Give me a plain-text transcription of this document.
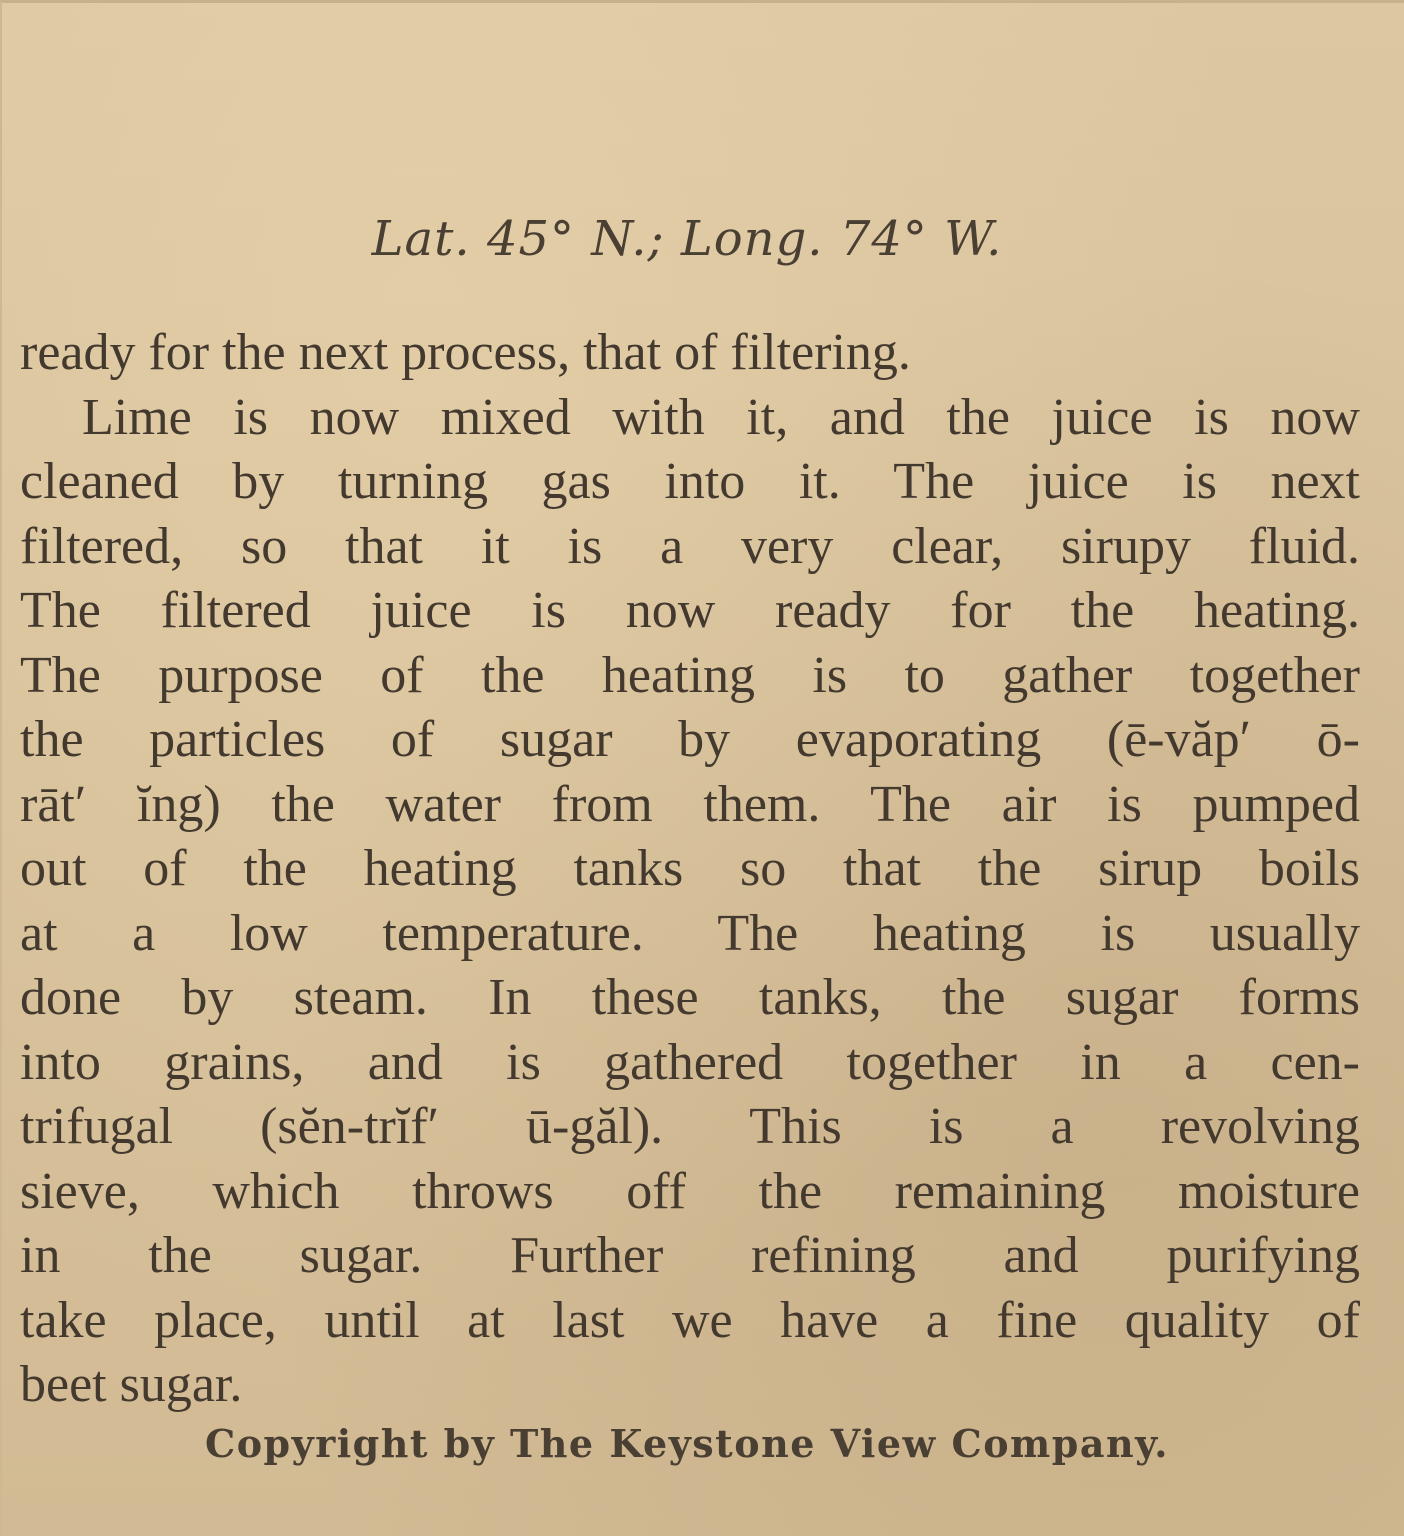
Lat. 45° N.; Long. 74° W.
ready for the next process, that of filtering.
Lime is now mixed with it, and the juice is now
cleaned by turning gas into it. The juice is next
filtered, so that it is a very clear, sirupy fluid.
The filtered juice is now ready for the heating.
The purpose of the heating is to gather together
the particles of sugar by evaporating (ē-văp′ ō-
rāt′ ĭng) the water from them. The air is pumped
out of the heating tanks so that the sirup boils
at a low temperature. The heating is usually
done by steam. In these tanks, the sugar forms
into grains, and is gathered together in a cen-
trifugal (sĕn-trĭf′ ū-găl). This is a revolving
sieve, which throws off the remaining moisture
in the sugar. Further refining and purifying
take place, until at last we have a fine quality of
beet sugar.
Copyright by The Keystone View Company.
